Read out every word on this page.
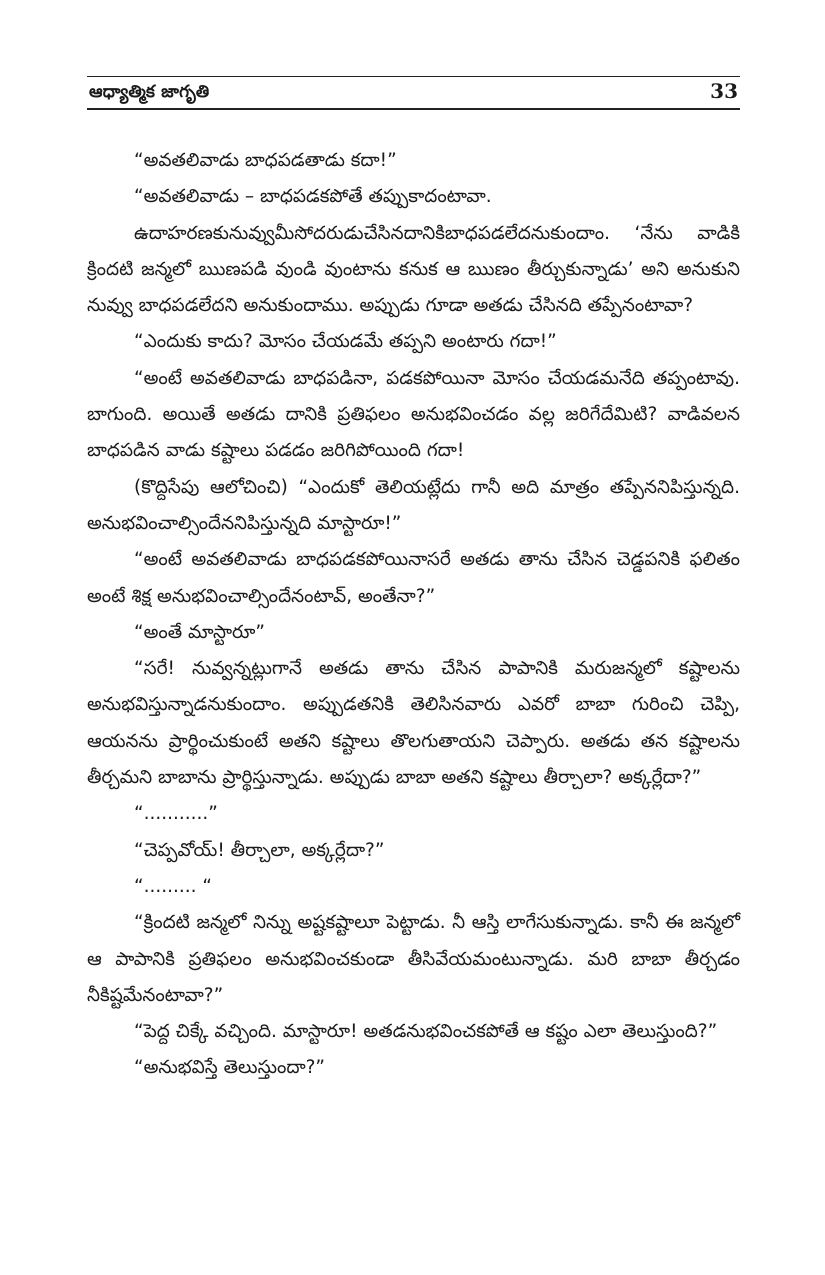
ఆధ్యాత్మిక జాగృతి	33

“అవతలివాడు బాధపడతాడు కదా!”

“అవతలివాడు – బాధపడకపోతే తప్పుకాదంటావా.

ఉదాహరణకునువ్వుమీసోదరుడుచేసినదానికిబాధపడలేదనుకుందాం. ‘నేను వాడికి క్రిందటి జన్మలో ఋణపడి వుండి వుంటాను కనుక ఆ ఋణం తీర్చుకున్నాడు’ అని అనుకుని నువ్వు బాధపడలేదని అనుకుందాము. అప్పుడు గూడా అతడు చేసినది తప్పేనంటావా?

“ఎందుకు కాదు? మోసం చేయడమే తప్పని అంటారు గదా!”

“అంటే అవతలివాడు బాధపడినా, పడకపోయినా మోసం చేయడమనేది తప్పంటావు. బాగుంది. అయితే అతడు దానికి ప్రతిఫలం అనుభవించడం వల్ల జరిగేదేమిటి? వాడివలన బాధపడిన వాడు కష్టాలు పడడం జరిగిపోయింది గదా!

(కొద్దిసేపు ఆలోచించి) “ఎందుకో తెలియట్లేదు గానీ అది మాత్రం తప్పేననిపిస్తున్నది. అనుభవించాల్సిందేననిపిస్తున్నది మాస్టారూ!”

“అంటే అవతలివాడు బాధపడకపోయినాసరే అతడు తాను చేసిన చెడ్డపనికి ఫలితం అంటే శిక్ష అనుభవించాల్సిందేనంటావ్, అంతేనా?”

“అంతే మాస్టారూ”

“సరే! నువ్వన్నట్లుగానే అతడు తాను చేసిన పాపానికి మరుజన్మలో కష్టాలను అనుభవిస్తున్నాడనుకుందాం. అప్పుడతనికి తెలిసినవారు ఎవరో బాబా గురించి చెప్పి, ఆయనను ప్రార్థించుకుంటే అతని కష్టాలు తొలగుతాయని చెప్పారు. అతడు తన కష్టాలను తీర్చమని బాబాను ప్రార్థిస్తున్నాడు. అప్పుడు బాబా అతని కష్టాలు తీర్చాలా? అక్కర్లేదా?”

“...........”

“చెప్పవోయ్! తీర్చాలా, అక్కర్లేదా?”

“......... “

“క్రిందటి జన్మలో నిన్ను అష్టకష్టాలూ పెట్టాడు. నీ ఆస్తి లాగేసుకున్నాడు. కానీ ఈ జన్మలో ఆ పాపానికి ప్రతిఫలం అనుభవించకుండా తీసివేయమంటున్నాడు. మరి బాబా తీర్చడం నీకిష్టమేనంటావా?”

“పెద్ద చిక్కే వచ్చింది. మాస్టారూ! అతడనుభవించకపోతే ఆ కష్టం ఎలా తెలుస్తుంది?”

“అనుభవిస్తే తెలుస్తుందా?”
